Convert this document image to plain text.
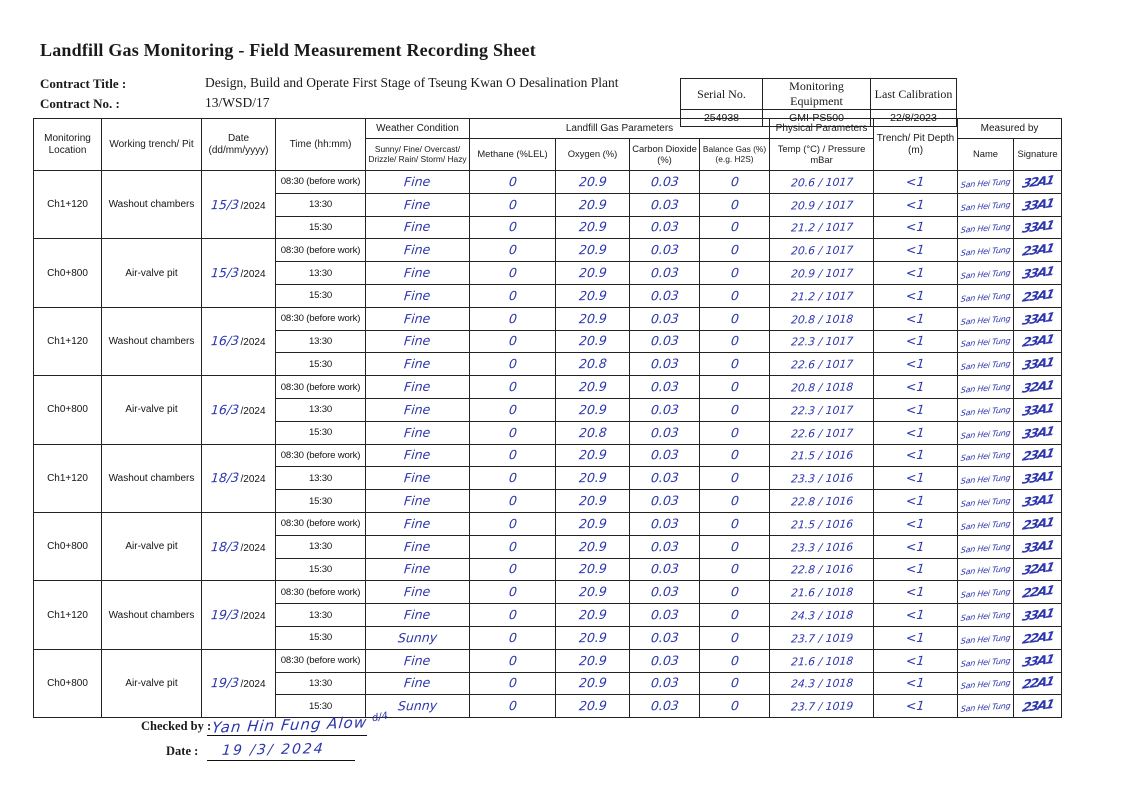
Landfill Gas Monitoring - Field Measurement Recording Sheet
Contract Title :	Design, Build and Operate First Stage of Tseung Kwan O Desalination Plant
Contract No. :	13/WSD/17
Serial No.	Monitoring Equipment	Last Calibration
254938	GMI-PS500	22/8/2023
Monitoring Location	Working trench/ Pit	Date (dd/mm/yyyy)	Time (hh:mm)	Weather Condition	Landfill Gas Parameters				Physical Parameters	Trench/ Pit Depth (m)	Measured by	
				Sunny/ Fine/ Overcast/ Drizzle/ Rain/ Storm/ Hazy	Methane (%LEL)	Oxygen (%)	Carbon Dioxide (%)	Balance Gas (%) (e.g. H2S)	Temp (°C) / Pressure mBar		Name	Signature
Ch1+120	Washout chambers	15/3/2024	08:30 (before work)	Fine	0	20.9	0.03	0	20.6 / 1017	<1	San Hei Tung	32A1
			13:30	Fine	0	20.9	0.03	0	20.9 / 1017	<1	San Hei Tung	33A1
			15:30	Fine	0	20.9	0.03	0	21.2 / 1017	<1	San Hei Tung	33A1
Ch0+800	Air-valve pit	15/3/2024	08:30 (before work)	Fine	0	20.9	0.03	0	20.6 / 1017	<1	San Hei Tung	23A1
			13:30	Fine	0	20.9	0.03	0	20.9 / 1017	<1	San Hei Tung	33A1
			15:30	Fine	0	20.9	0.03	0	21.2 / 1017	<1	San Hei Tung	23A1
Ch1+120	Washout chambers	16/3/2024	08:30 (before work)	Fine	0	20.9	0.03	0	20.8 / 1018	<1	San Hei Tung	33A1
			13:30	Fine	0	20.9	0.03	0	22.3 / 1017	<1	San Hei Tung	23A1
			15:30	Fine	0	20.8	0.03	0	22.6 / 1017	<1	San Hei Tung	33A1
Ch0+800	Air-valve pit	16/3/2024	08:30 (before work)	Fine	0	20.9	0.03	0	20.8 / 1018	<1	San Hei Tung	32A1
			13:30	Fine	0	20.9	0.03	0	22.3 / 1017	<1	San Hei Tung	33A1
			15:30	Fine	0	20.8	0.03	0	22.6 / 1017	<1	San Hei Tung	33A1
Ch1+120	Washout chambers	18/3/2024	08:30 (before work)	Fine	0	20.9	0.03	0	21.5 / 1016	<1	San Hei Tung	23A1
			13:30	Fine	0	20.9	0.03	0	23.3 / 1016	<1	San Hei Tung	33A1
			15:30	Fine	0	20.9	0.03	0	22.8 / 1016	<1	San Hei Tung	33A1
Ch0+800	Air-valve pit	18/3/2024	08:30 (before work)	Fine	0	20.9	0.03	0	21.5 / 1016	<1	San Hei Tung	23A1
			13:30	Fine	0	20.9	0.03	0	23.3 / 1016	<1	San Hei Tung	33A1
			15:30	Fine	0	20.9	0.03	0	22.8 / 1016	<1	San Hei Tung	32A1
Ch1+120	Washout chambers	19/3/2024	08:30 (before work)	Fine	0	20.9	0.03	0	21.6 / 1018	<1	San Hei Tung	22A1
			13:30	Fine	0	20.9	0.03	0	24.3 / 1018	<1	San Hei Tung	33A1
			15:30	Sunny	0	20.9	0.03	0	23.7 / 1019	<1	San Hei Tung	22A1
Ch0+800	Air-valve pit	19/3/2024	08:30 (before work)	Fine	0	20.9	0.03	0	21.6 / 1018	<1	San Hei Tung	33A1
			13:30	Fine	0	20.9	0.03	0	24.3 / 1018	<1	San Hei Tung	22A1
			15:30	Sunny	0	20.9	0.03	0	23.7 / 1019	<1	San Hei Tung	23A1
Checked by : Yan Hin Fung Alow d/4
Date : 19 /3/ 2024
